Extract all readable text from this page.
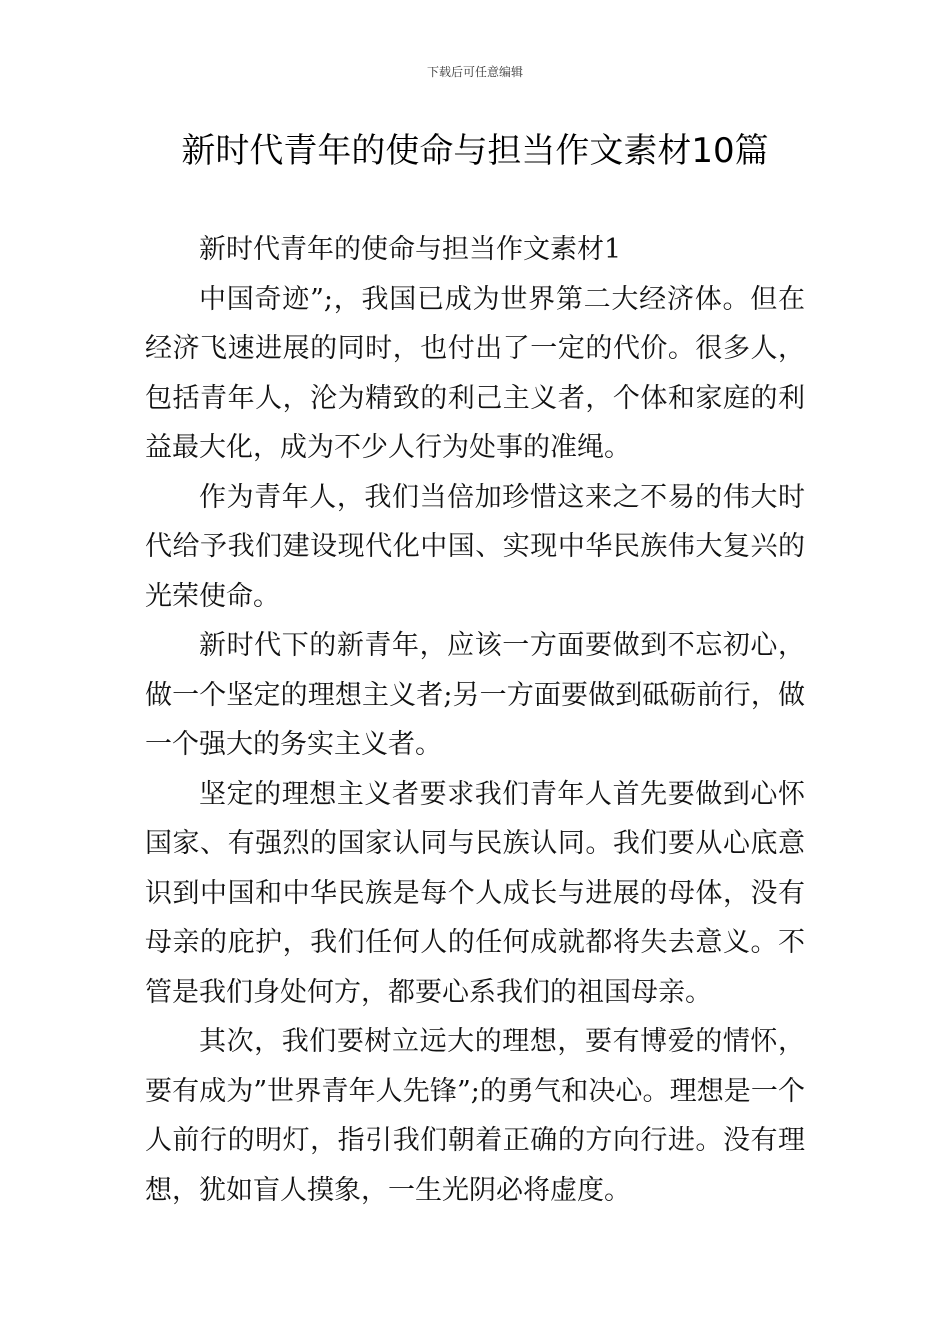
下载后可任意编辑
新时代青年的使命与担当作文素材10篇

新时代青年的使命与担当作文素材1

中国奇迹”;，我国已成为世界第二大经济体。但在经济飞速进展的同时，也付出了一定的代价。很多人，包括青年人，沦为精致的利己主义者，个体和家庭的利益最大化，成为不少人行为处事的准绳。

作为青年人，我们当倍加珍惜这来之不易的伟大时代给予我们建设现代化中国、实现中华民族伟大复兴的光荣使命。

新时代下的新青年，应该一方面要做到不忘初心，做一个坚定的理想主义者;另一方面要做到砥砺前行，做一个强大的务实主义者。

坚定的理想主义者要求我们青年人首先要做到心怀国家、有强烈的国家认同与民族认同。我们要从心底意识到中国和中华民族是每个人成长与进展的母体，没有母亲的庇护，我们任何人的任何成就都将失去意义。不管是我们身处何方，都要心系我们的祖国母亲。

其次，我们要树立远大的理想，要有博爱的情怀，要有成为”世界青年人先锋”;的勇气和决心。理想是一个人前行的明灯，指引我们朝着正确的方向行进。没有理想，犹如盲人摸象，一生光阴必将虚度。
